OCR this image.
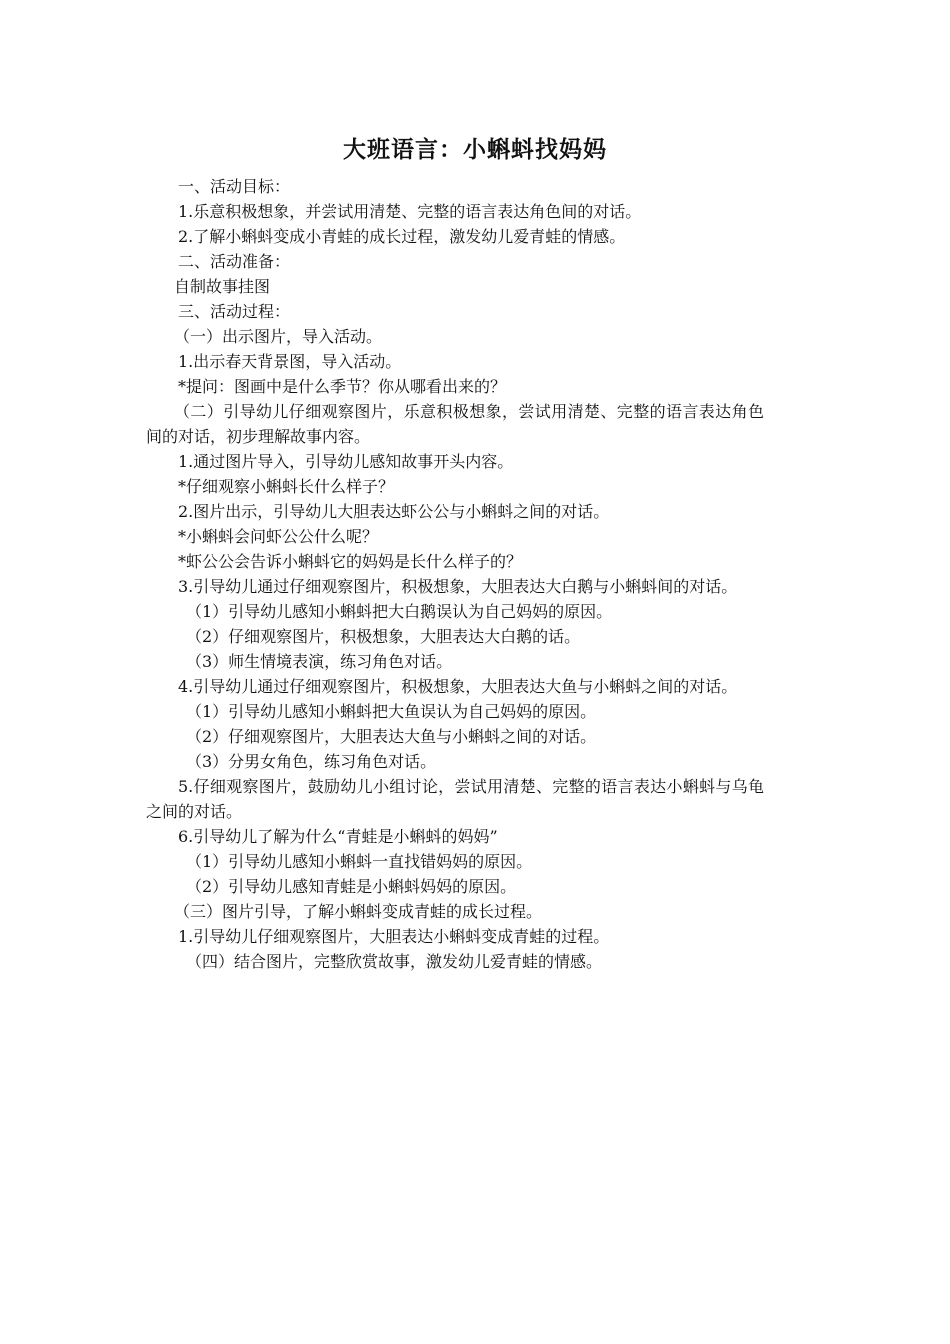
大班语言：小蝌蚪找妈妈
一、活动目标：
1.乐意积极想象，并尝试用清楚、完整的语言表达角色间的对话。
2.了解小蝌蚪变成小青蛙的成长过程，激发幼儿爱青蛙的情感。
二、活动准备：
自制故事挂图
三、活动过程：
（一）出示图片，导入活动。
1.出示春天背景图，导入活动。
*提问：图画中是什么季节？你从哪看出来的？
（二）引导幼儿仔细观察图片，乐意积极想象，尝试用清楚、完整的语言表达角色间的对话，初步理解故事内容。
1.通过图片导入，引导幼儿感知故事开头内容。
*仔细观察小蝌蚪长什么样子？
2.图片出示，引导幼儿大胆表达虾公公与小蝌蚪之间的对话。
*小蝌蚪会问虾公公什么呢？
*虾公公会告诉小蝌蚪它的妈妈是长什么样子的？
3.引导幼儿通过仔细观察图片，积极想象，大胆表达大白鹅与小蝌蚪间的对话。
（1）引导幼儿感知小蝌蚪把大白鹅误认为自己妈妈的原因。
（2）仔细观察图片，积极想象，大胆表达大白鹅的话。
（3）师生情境表演，练习角色对话。
4.引导幼儿通过仔细观察图片，积极想象，大胆表达大鱼与小蝌蚪之间的对话。
（1）引导幼儿感知小蝌蚪把大鱼误认为自己妈妈的原因。
（2）仔细观察图片，大胆表达大鱼与小蝌蚪之间的对话。
（3）分男女角色，练习角色对话。
5.仔细观察图片，鼓励幼儿小组讨论，尝试用清楚、完整的语言表达小蝌蚪与乌龟之间的对话。
6.引导幼儿了解为什么“青蛙是小蝌蚪的妈妈”
（1）引导幼儿感知小蝌蚪一直找错妈妈的原因。
（2）引导幼儿感知青蛙是小蝌蚪妈妈的原因。
（三）图片引导，了解小蝌蚪变成青蛙的成长过程。
1.引导幼儿仔细观察图片，大胆表达小蝌蚪变成青蛙的过程。
（四）结合图片，完整欣赏故事，激发幼儿爱青蛙的情感。
